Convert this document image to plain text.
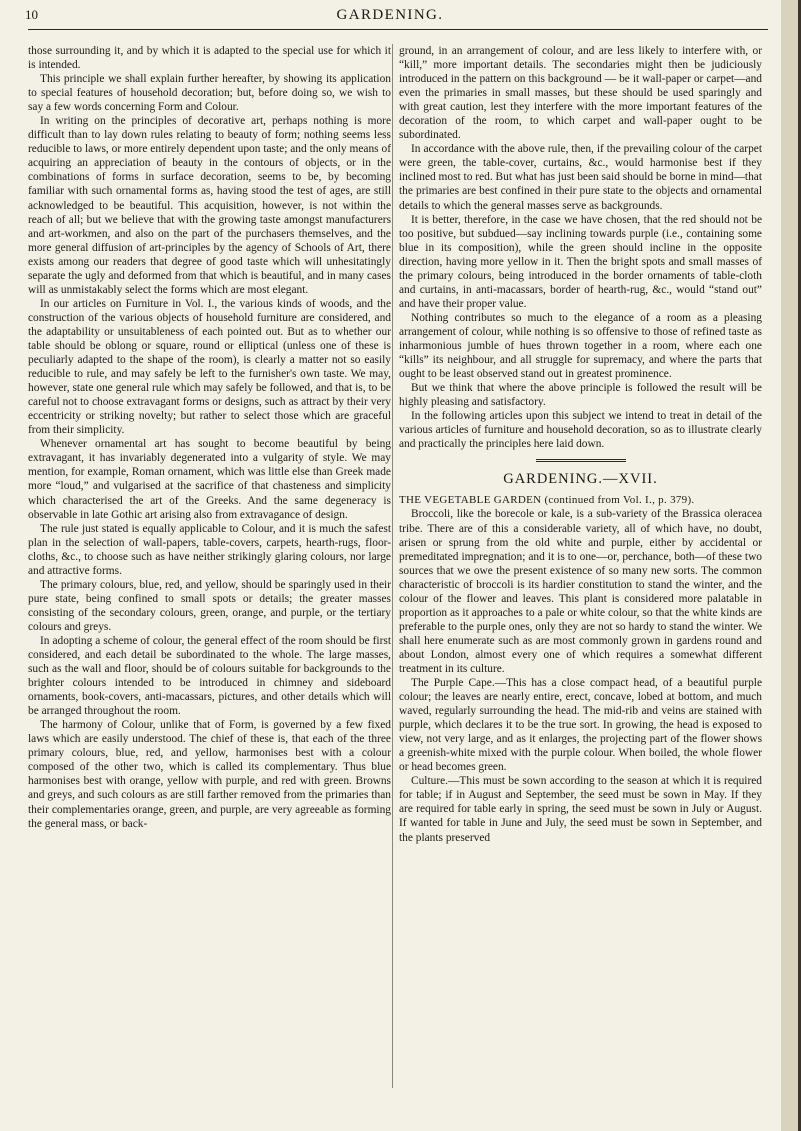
10	GARDENING.

those surrounding it, and by which it is adapted to the special use for which it is intended.

This principle we shall explain further hereafter, by showing its application to special features of household decoration; but, before doing so, we wish to say a few words concerning Form and Colour.

In writing on the principles of decorative art, perhaps nothing is more difficult than to lay down rules relating to beauty of form; nothing seems less reducible to laws, or more entirely dependent upon taste; and the only means of acquiring an appreciation of beauty in the contours of objects, or in the combinations of forms in surface decoration, seems to be, by becoming familiar with such ornamental forms as, having stood the test of ages, are still acknowledged to be beautiful. This acquisition, however, is not within the reach of all; but we believe that with the growing taste amongst manufacturers and art-workmen, and also on the part of the purchasers themselves, and the more general diffusion of art-principles by the agency of Schools of Art, there exists among our readers that degree of good taste which will unhesitatingly separate the ugly and deformed from that which is beautiful, and in many cases will as unmistakably select the forms which are most elegant.

In our articles on Furniture in Vol. I., the various kinds of woods, and the construction of the various objects of household furniture are considered, and the adaptability or unsuitableness of each pointed out. But as to whether our table should be oblong or square, round or elliptical (unless one of these is peculiarly adapted to the shape of the room), is clearly a matter not so easily reducible to rule, and may safely be left to the furnisher's own taste. We may, however, state one general rule which may safely be followed, and that is, to be careful not to choose extravagant forms or designs, such as attract by their very eccentricity or striking novelty; but rather to select those which are graceful from their simplicity.

Whenever ornamental art has sought to become beautiful by being extravagant, it has invariably degenerated into a vulgarity of style. We may mention, for example, Roman ornament, which was little else than Greek made more “loud,” and vulgarised at the sacrifice of that chasteness and simplicity which characterised the art of the Greeks. And the same degeneracy is observable in late Gothic art arising also from extravagance of design.

The rule just stated is equally applicable to Colour, and it is much the safest plan in the selection of wall-papers, table-covers, carpets, hearth-rugs, floor-cloths, &c., to choose such as have neither strikingly glaring colours, nor large and attractive forms.

The primary colours, blue, red, and yellow, should be sparingly used in their pure state, being confined to small spots or details; the greater masses consisting of the secondary colours, green, orange, and purple, or the tertiary colours and greys.

In adopting a scheme of colour, the general effect of the room should be first considered, and each detail be subordinated to the whole. The large masses, such as the wall and floor, should be of colours suitable for backgrounds to the brighter colours intended to be introduced in chimney and sideboard ornaments, book-covers, anti-macassars, pictures, and other details which will be arranged throughout the room.

The harmony of Colour, unlike that of Form, is governed by a few fixed laws which are easily understood. The chief of these is, that each of the three primary colours, blue, red, and yellow, harmonises best with a colour composed of the other two, which is called its complementary. Thus blue harmonises best with orange, yellow with purple, and red with green. Browns and greys, and such colours as are still farther removed from the primaries than their complementaries orange, green, and purple, are very agreeable as forming the general mass, or back-

ground, in an arrangement of colour, and are less likely to interfere with, or “kill,” more important details. The secondaries might then be judiciously introduced in the pattern on this background — be it wall-paper or carpet—and even the primaries in small masses, but these should be used sparingly and with great caution, lest they interfere with the more important features of the decoration of the room, to which carpet and wall-paper ought to be subordinated.

In accordance with the above rule, then, if the prevailing colour of the carpet were green, the table-cover, curtains, &c., would harmonise best if they inclined most to red. But what has just been said should be borne in mind—that the primaries are best confined in their pure state to the objects and ornamental details to which the general masses serve as backgrounds.

It is better, therefore, in the case we have chosen, that the red should not be too positive, but subdued—say inclining towards purple (i.e., containing some blue in its composition), while the green should incline in the opposite direction, having more yellow in it. Then the bright spots and small masses of the primary colours, being introduced in the border ornaments of table-cloth and curtains, in anti-macassars, border of hearth-rug, &c., would “stand out” and have their proper value.

Nothing contributes so much to the elegance of a room as a pleasing arrangement of colour, while nothing is so offensive to those of refined taste as inharmonious jumble of hues thrown together in a room, where each one “kills” its neighbour, and all struggle for supremacy, and where the parts that ought to be least observed stand out in greatest prominence.

But we think that where the above principle is followed the result will be highly pleasing and satisfactory.

In the following articles upon this subject we intend to treat in detail of the various articles of furniture and household decoration, so as to illustrate clearly and practically the principles here laid down.

GARDENING.—XVII.

THE VEGETABLE GARDEN (continued from Vol. I., p. 379).

Broccoli, like the borecole or kale, is a sub-variety of the Brassica oleracea tribe. There are of this a considerable variety, all of which have, no doubt, arisen or sprung from the old white and purple, either by accidental or premeditated impregnation; and it is to one—or, perchance, both—of these two sources that we owe the present existence of so many new sorts. The common characteristic of broccoli is its hardier constitution to stand the winter, and the colour of the flower and leaves. This plant is considered more palatable in proportion as it approaches to a pale or white colour, so that the white kinds are preferable to the purple ones, only they are not so hardy to stand the winter. We shall here enumerate such as are most commonly grown in gardens round and about London, almost every one of which requires a somewhat different treatment in its culture.

The Purple Cape.—This has a close compact head, of a beautiful purple colour; the leaves are nearly entire, erect, concave, lobed at bottom, and much waved, regularly surrounding the head. The mid-rib and veins are stained with purple, which declares it to be the true sort. In growing, the head is exposed to view, not very large, and as it enlarges, the projecting part of the flower shows a greenish-white mixed with the purple colour. When boiled, the whole flower or head becomes green.

Culture.—This must be sown according to the season at which it is required for table; if in August and September, the seed must be sown in May. If they are required for table early in spring, the seed must be sown in July or August. If wanted for table in June and July, the seed must be sown in September, and the plants preserved
